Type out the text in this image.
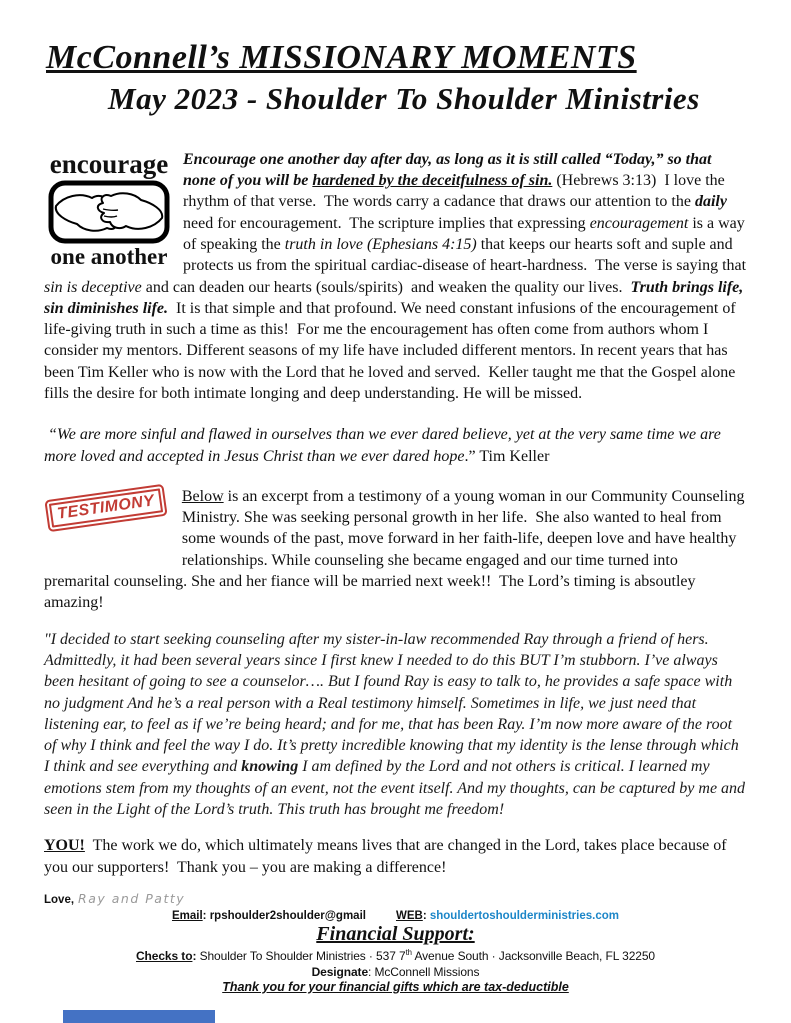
McConnell’s MISSIONARY MOMENTS
May 2023 - Shoulder To Shoulder Ministries
encourage
one another

Encourage one another day after day, as long as it is still called “Today,” so that none of you will be hardened by the deceitfulness of sin. (Hebrews 3:13)  I love the rhythm of that verse.  The words carry a cadance that draws our attention to the daily need for encouragement.  The scripture implies that expressing encouragement is a way of speaking the truth in love (Ephesians 4:15) that keeps our hearts soft and suple and protects us from the spiritual cardiac-disease of heart-hardness.  The verse is saying that sin is deceptive and can deaden our hearts (souls/spirits)  and weaken the quality our lives.  Truth brings life, sin diminishes life.  It is that simple and that profound. We need constant infusions of the encouragement of life-giving truth in such a time as this!  For me the encouragement has often come from authors whom I consider my mentors. Different seasons of my life have included different mentors. In recent years that has been Tim Keller who is now with the Lord that he loved and served.  Keller taught me that the Gospel alone fills the desire for both intimate longing and deep understanding. He will be missed.

“We are more sinful and flawed in ourselves than we ever dared believe, yet at the very same time we are more loved and accepted in Jesus Christ than we ever dared hope.” Tim Keller

TESTIMONY	Below is an excerpt from a testimony of a young woman in our Community Counseling Ministry. She was seeking personal growth in her life.  She also wanted to heal from some wounds of the past, move forward in her faith-life, deepen love and have healthy relationships. While counseling she became engaged and our time turned into premarital counseling. She and her fiance will be married next week!!  The Lord’s timing is absoutley amazing!

"I decided to start seeking counseling after my sister-in-law recommended Ray through a friend of hers. Admittedly, it had been several years since I first knew I needed to do this BUT I’m stubborn. I’ve always been hesitant of going to see a counselor…. But I found Ray is easy to talk to, he provides a safe space with no judgment And he’s a real person with a Real testimony himself. Sometimes in life, we just need that listening ear, to feel as if we’re being heard; and for me, that has been Ray. I’m now more aware of the root of why I think and feel the way I do. It’s pretty incredible knowing that my identity is the lense through which I think and see everything and knowing I am defined by the Lord and not others is critical. I learned my emotions stem from my thoughts of an event, not the event itself. And my thoughts, can be captured by me and seen in the Light of the Lord’s truth. This truth has brought me freedom!

YOU!  The work we do, which ultimately means lives that are changed in the Lord, takes place because of you our supporters!  Thank you – you are making a difference!

Love, Ray and Patty

Email: rpshoulder2shoulder@gmail	WEB: shouldertoshoulderministries.com

Financial Support:

Checks to: Shoulder To Shoulder Ministries · 537 7th Avenue South · Jacksonville Beach, FL 32250

Designate: McConnell Missions

Thank you for your financial gifts which are tax-deductible
